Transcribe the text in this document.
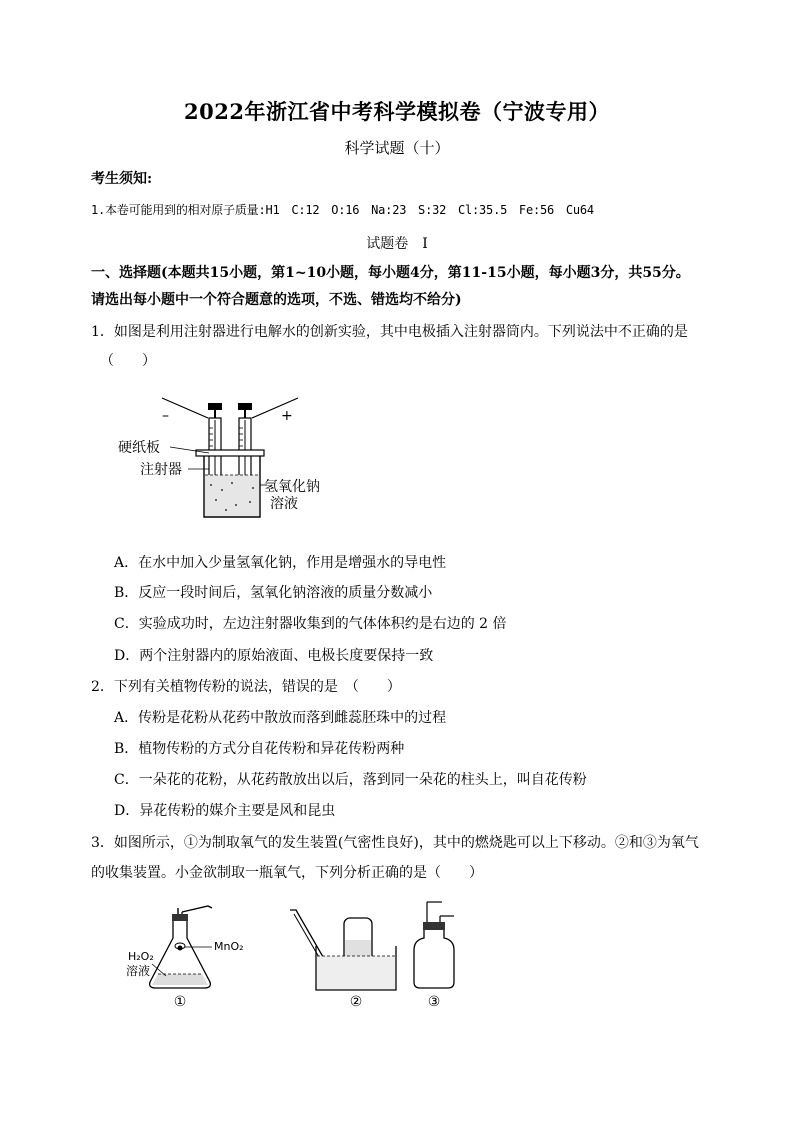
2022年浙江省中考科学模拟卷（宁波专用）
科学试题（十）
考生须知:
1.本卷可能用到的相对原子质量:H1　C:12　O:16　Na:23　S:32　Cl:35.5　Fe:56　Cu64
试题卷　I
一、选择题(本题共15小题，第1~10小题，每小题4分，第11-15小题，每小题3分，共55分。
请选出每小题中一个符合题意的选项，不选、错选均不给分)
1．如图是利用注射器进行电解水的创新实验，其中电极插入注射器筒内。下列说法中不正确的是
（　　）
–	+
硬纸板
注射器
氢氧化钠
溶液
A．在水中加入少量氢氧化钠，作用是增强水的导电性
B．反应一段时间后，氢氧化钠溶液的质量分数减小
C．实验成功时，左边注射器收集到的气体体积约是右边的 2 倍
D．两个注射器内的原始液面、电极长度要保持一致
2．下列有关植物传粉的说法，错误的是　（　　）
A．传粉是花粉从花药中散放而落到雌蕊胚珠中的过程
B．植物传粉的方式分自花传粉和异花传粉两种
C．一朵花的花粉，从花药散放出以后，落到同一朵花的柱头上，叫自花传粉
D．异花传粉的媒介主要是风和昆虫
3．如图所示，①为制取氧气的发生装置(气密性良好)，其中的燃烧匙可以上下移动。②和③为氧气
的收集装置。小金欲制取一瓶氧气，下列分析正确的是（　　）
H₂O₂
溶液
MnO₂
①	②	③
